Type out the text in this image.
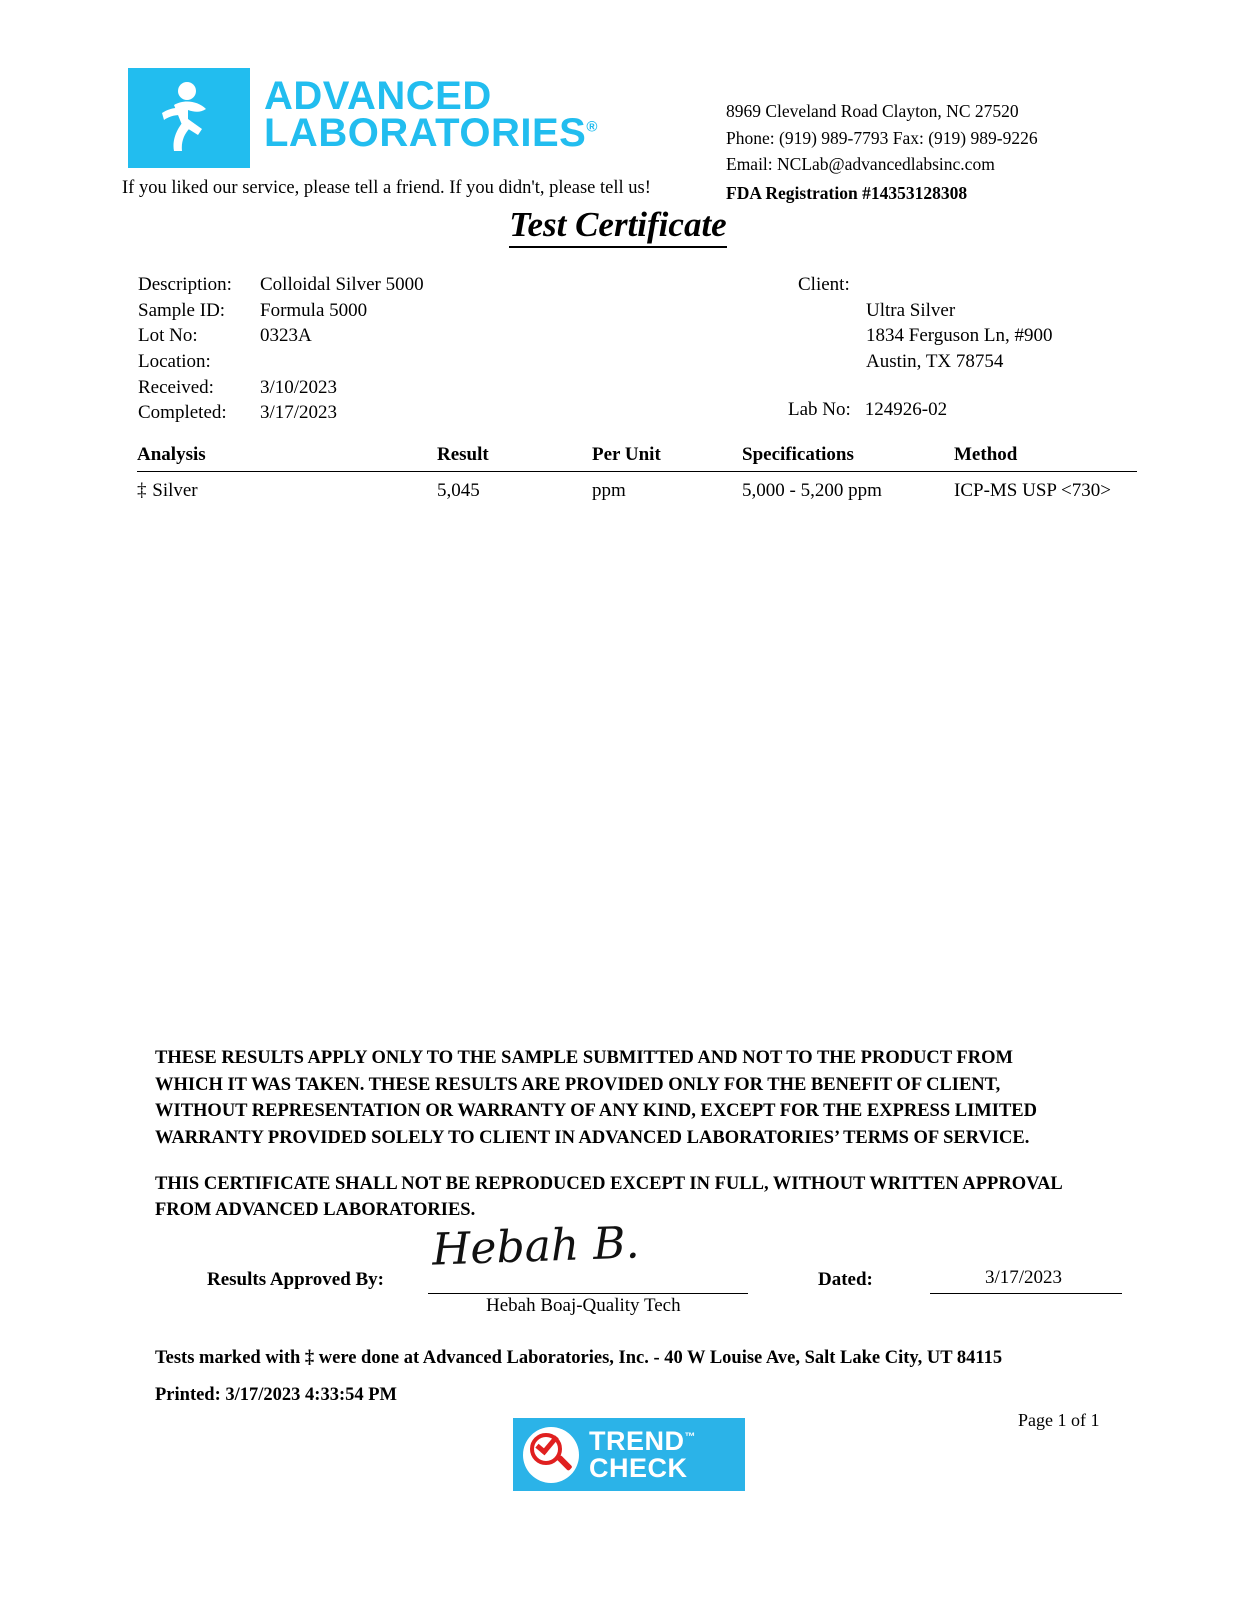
ADVANCED
LABORATORIES®
If you liked our service, please tell a friend. If you didn't, please tell us!
8969 Cleveland Road Clayton, NC 27520
Phone: (919) 989-7793 Fax: (919) 989-9226
Email: NCLab@advancedlabsinc.com
FDA Registration #14353128308
Test Certificate
Description:	Colloidal Silver 5000
Sample ID:	Formula 5000
Lot No:	0323A
Location:
Received:	3/10/2023
Completed:	3/17/2023
Client:
Ultra Silver
1834 Ferguson Ln, #900
Austin, TX 78754
Lab No: 124926-02
Analysis	Result	Per Unit	Specifications	Method
‡ Silver	5,045	ppm	5,000 - 5,200 ppm	ICP-MS USP <730>

THESE RESULTS APPLY ONLY TO THE SAMPLE SUBMITTED AND NOT TO THE PRODUCT FROM WHICH IT WAS TAKEN. THESE RESULTS ARE PROVIDED ONLY FOR THE BENEFIT OF CLIENT, WITHOUT REPRESENTATION OR WARRANTY OF ANY KIND, EXCEPT FOR THE EXPRESS LIMITED WARRANTY PROVIDED SOLELY TO CLIENT IN ADVANCED LABORATORIES’ TERMS OF SERVICE.

THIS CERTIFICATE SHALL NOT BE REPRODUCED EXCEPT IN FULL, WITHOUT WRITTEN APPROVAL FROM ADVANCED LABORATORIES.

Results Approved By:
Hebah B.
Hebah Boaj-Quality Tech
Dated:	3/17/2023
Tests marked with ‡ were done at Advanced Laboratories, Inc. - 40 W Louise Ave, Salt Lake City, UT 84115
Printed: 3/17/2023 4:33:54 PM
Page 1 of 1
TREND™
CHECK
